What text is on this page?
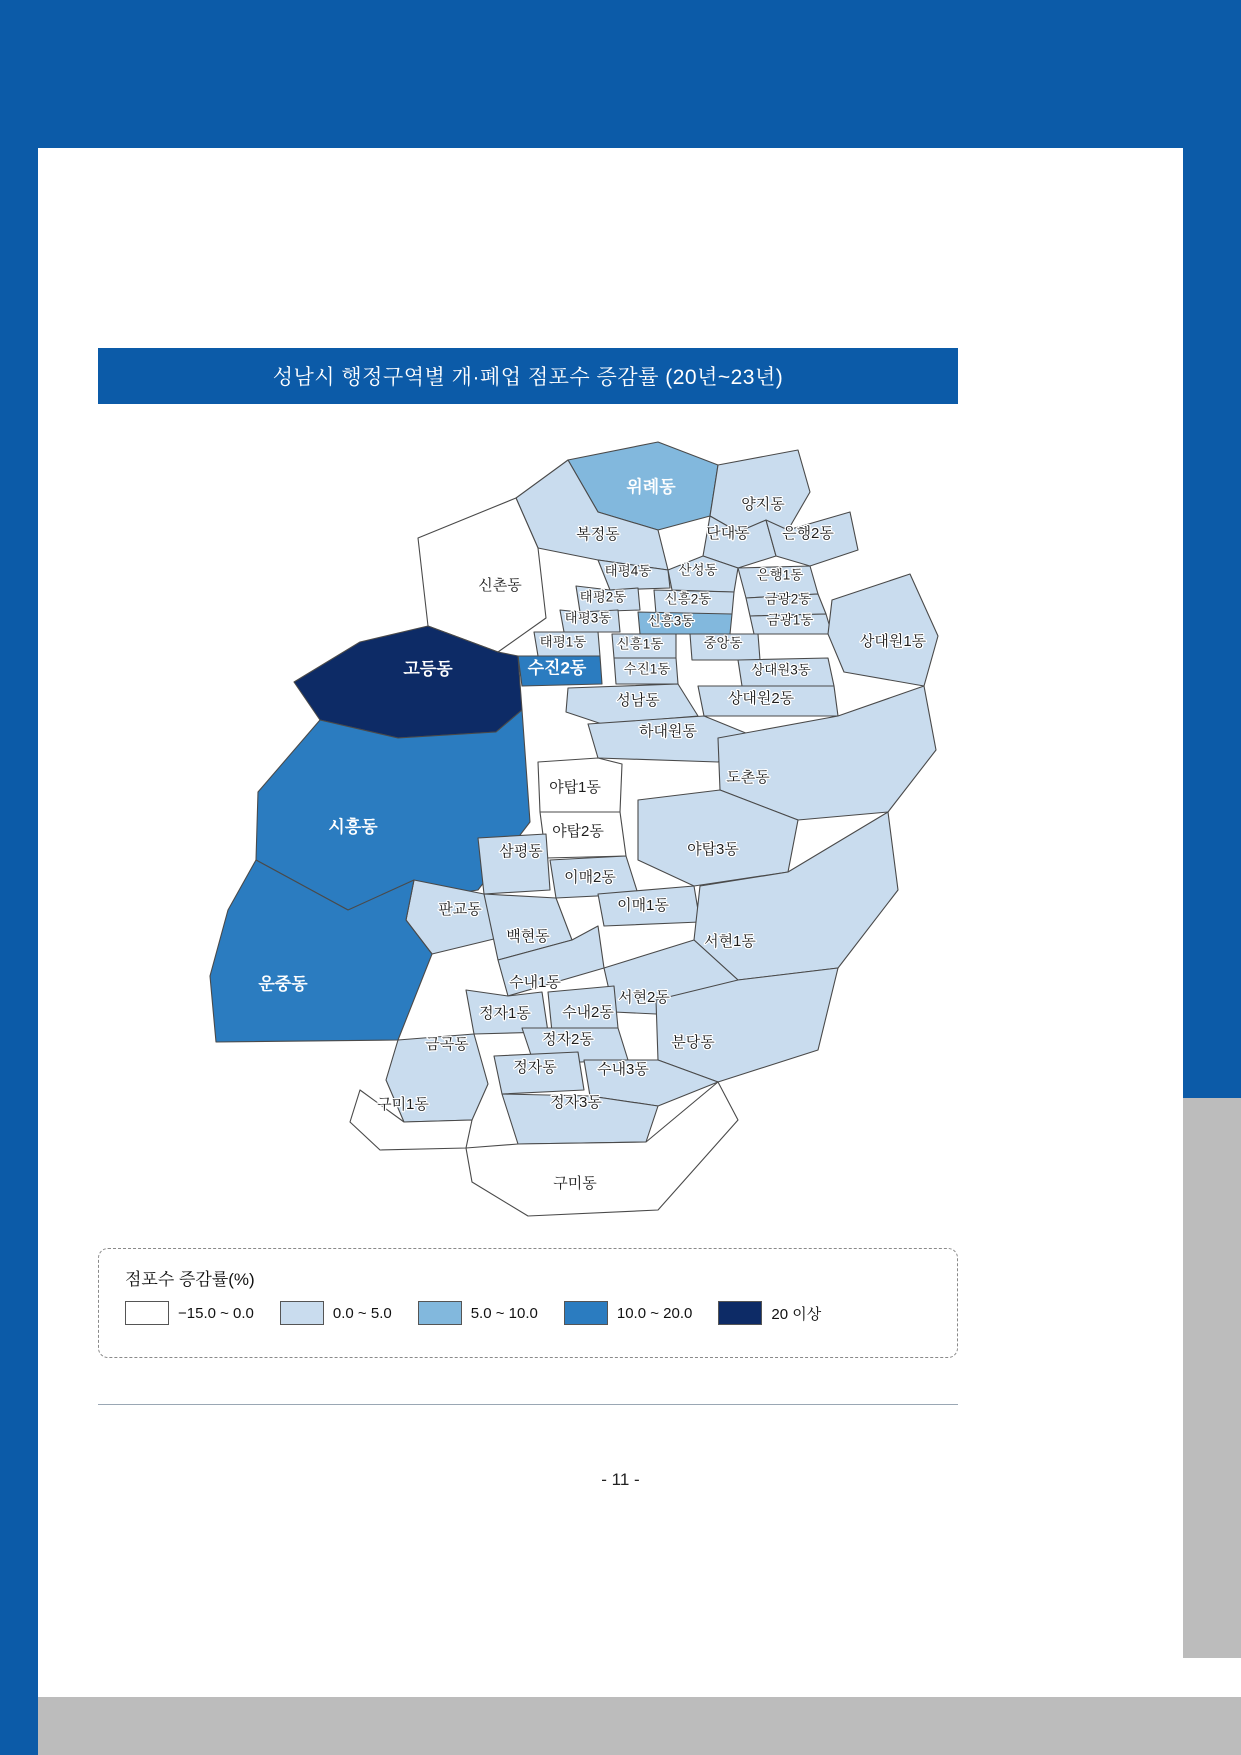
성남시 행정구역별 개·폐업 점포수 증감률 (20년~23년)
위례동
양지동
복정동	단대동 은행2동
태평4동 산성동	은행1동
태평2동	신흥2동	금광2동
태평3동	신흥3동	금광1동
태평1동 신흥1동	중앙동	상대원1동
신촌동
수진2동	수진1동	상대원3동
고등동
성남동	상대원2동
하대원동
도촌동
야탑1동
시흥동	야탑2동
야탑3동
삼평동
이매2동
이매1동
판교동
백현동	서현1동
운중동	수내1동
서현2동
정자1동 수내2동
금곡동	정자2동	분당동
정자동	수내3동
구미1동	정자3동
구미동
점포수 증감률(%)
−15.0 ~ 0.0	0.0 ~ 5.0	5.0 ~ 10.0	10.0 ~ 20.0	20 이상
- 11 -
